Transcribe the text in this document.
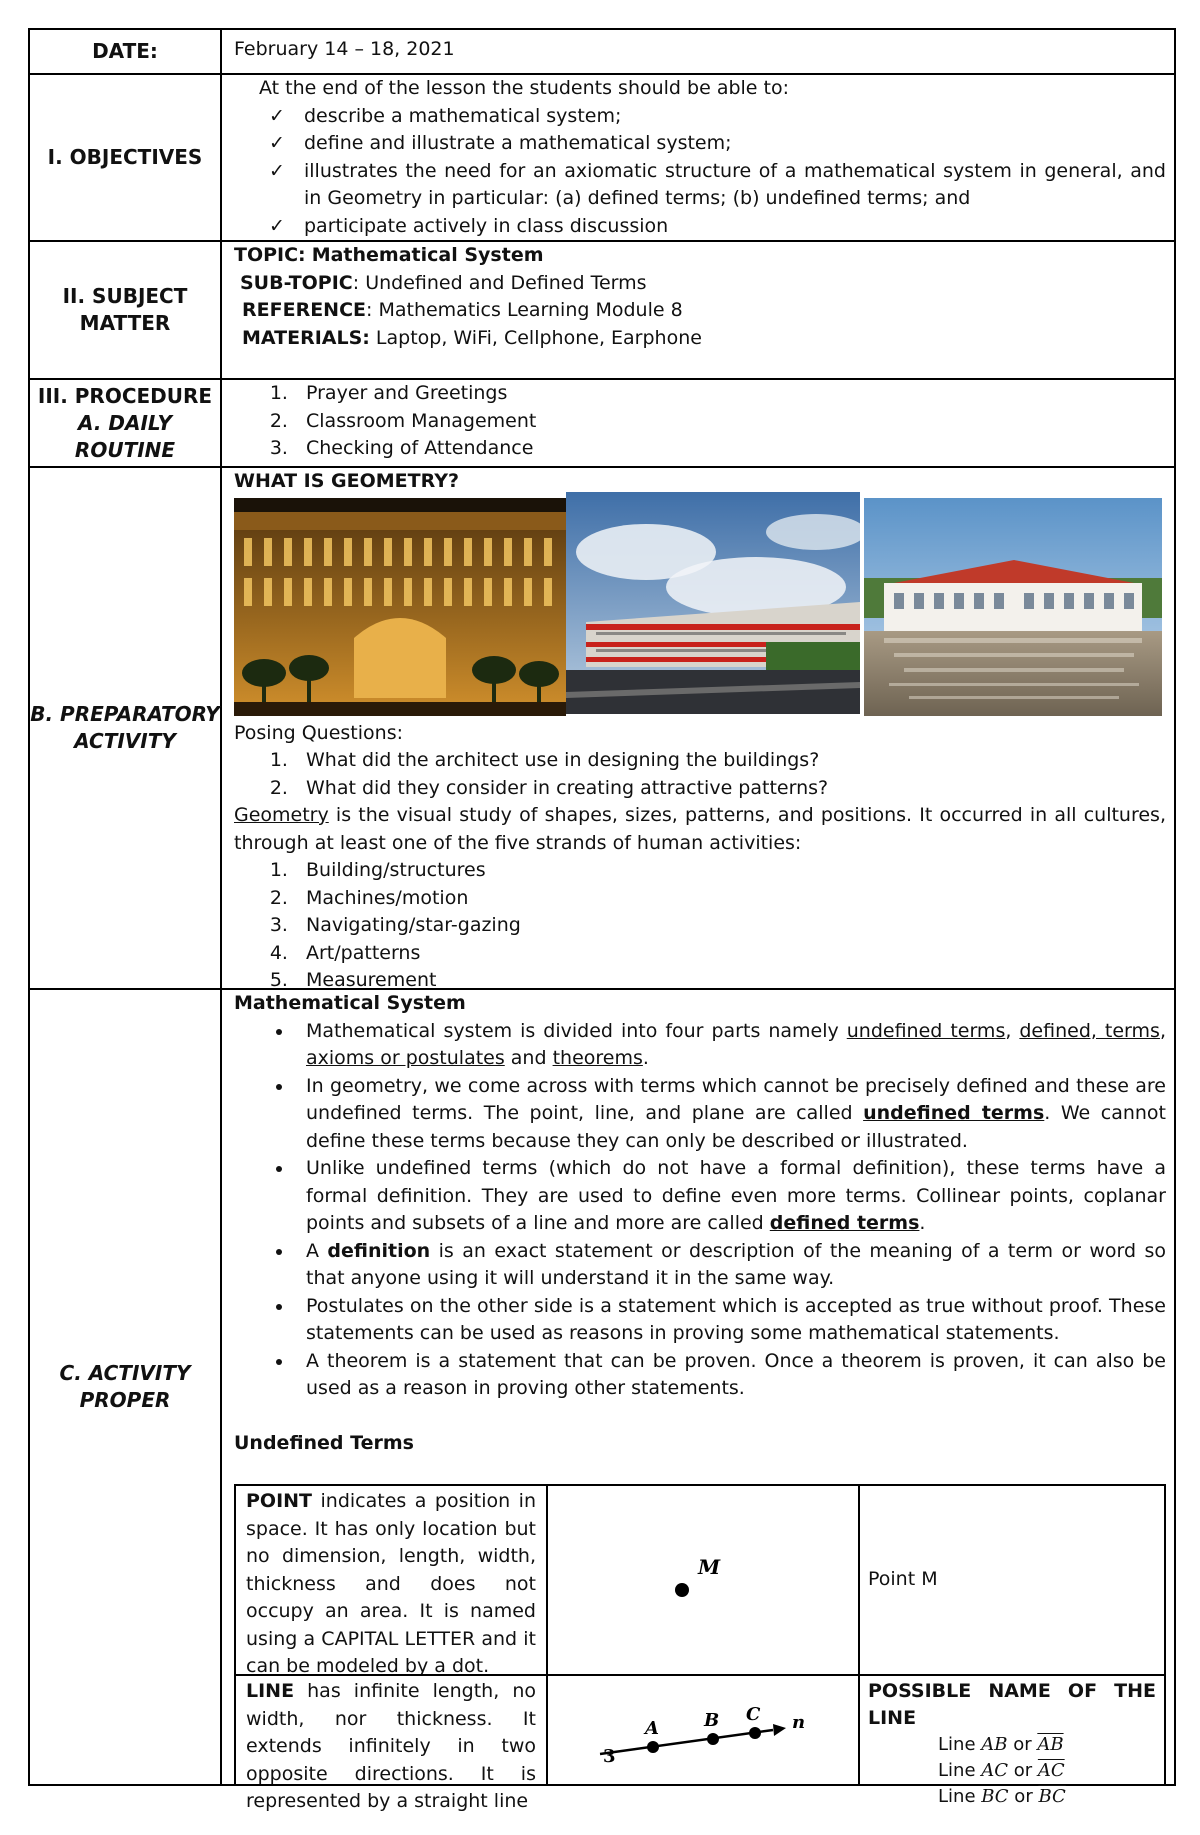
DATE:	February 14 – 18, 2021
I. OBJECTIVES
At the end of the lesson the students should be able to:
✓ describe a mathematical system;
✓ define and illustrate a mathematical system;
✓ illustrates the need for an axiomatic structure of a mathematical system in general, and in Geometry in particular: (a) defined terms; (b) undefined terms; and
✓ participate actively in class discussion
II. SUBJECT MATTER
TOPIC: Mathematical System
SUB-TOPIC: Undefined and Defined Terms
REFERENCE: Mathematics Learning Module 8
MATERIALS: Laptop, WiFi, Cellphone, Earphone
III. PROCEDURE
A. DAILY ROUTINE
1. Prayer and Greetings
2. Classroom Management
3. Checking of Attendance
B. PREPARATORY ACTIVITY
WHAT IS GEOMETRY?
Posing Questions:
1. What did the architect use in designing the buildings?
2. What did they consider in creating attractive patterns?
Geometry is the visual study of shapes, sizes, patterns, and positions. It occurred in all cultures, through at least one of the five strands of human activities:
1. Building/structures
2. Machines/motion
3. Navigating/star-gazing
4. Art/patterns
5. Measurement
C. ACTIVITY PROPER
Mathematical System
• Mathematical system is divided into four parts namely undefined terms, defined, terms, axioms or postulates and theorems.
• In geometry, we come across with terms which cannot be precisely defined and these are undefined terms. The point, line, and plane are called undefined terms. We cannot define these terms because they can only be described or illustrated.
• Unlike undefined terms (which do not have a formal definition), these terms have a formal definition. They are used to define even more terms. Collinear points, coplanar points and subsets of a line and more are called defined terms.
• A definition is an exact statement or description of the meaning of a term or word so that anyone using it will understand it in the same way.
• Postulates on the other side is a statement which is accepted as true without proof. These statements can be used as reasons in proving some mathematical statements.
• A theorem is a statement that can be proven. Once a theorem is proven, it can also be used as a reason in proving other statements.
Undefined Terms
POINT indicates a position in space. It has only location but no dimension, length, width, thickness and does not occupy an area. It is named using a CAPITAL LETTER and it can be modeled by a dot.
M
Point M
LINE has infinite length, no width, nor thickness. It extends infinitely in two opposite directions. It is represented by a straight line
3
A	B C n
POSSIBLE NAME OF THE LINE
Line AB or $\overline{AB}$
Line AC or $\overline{AC}$
Line BC or $\overline{BC}$
